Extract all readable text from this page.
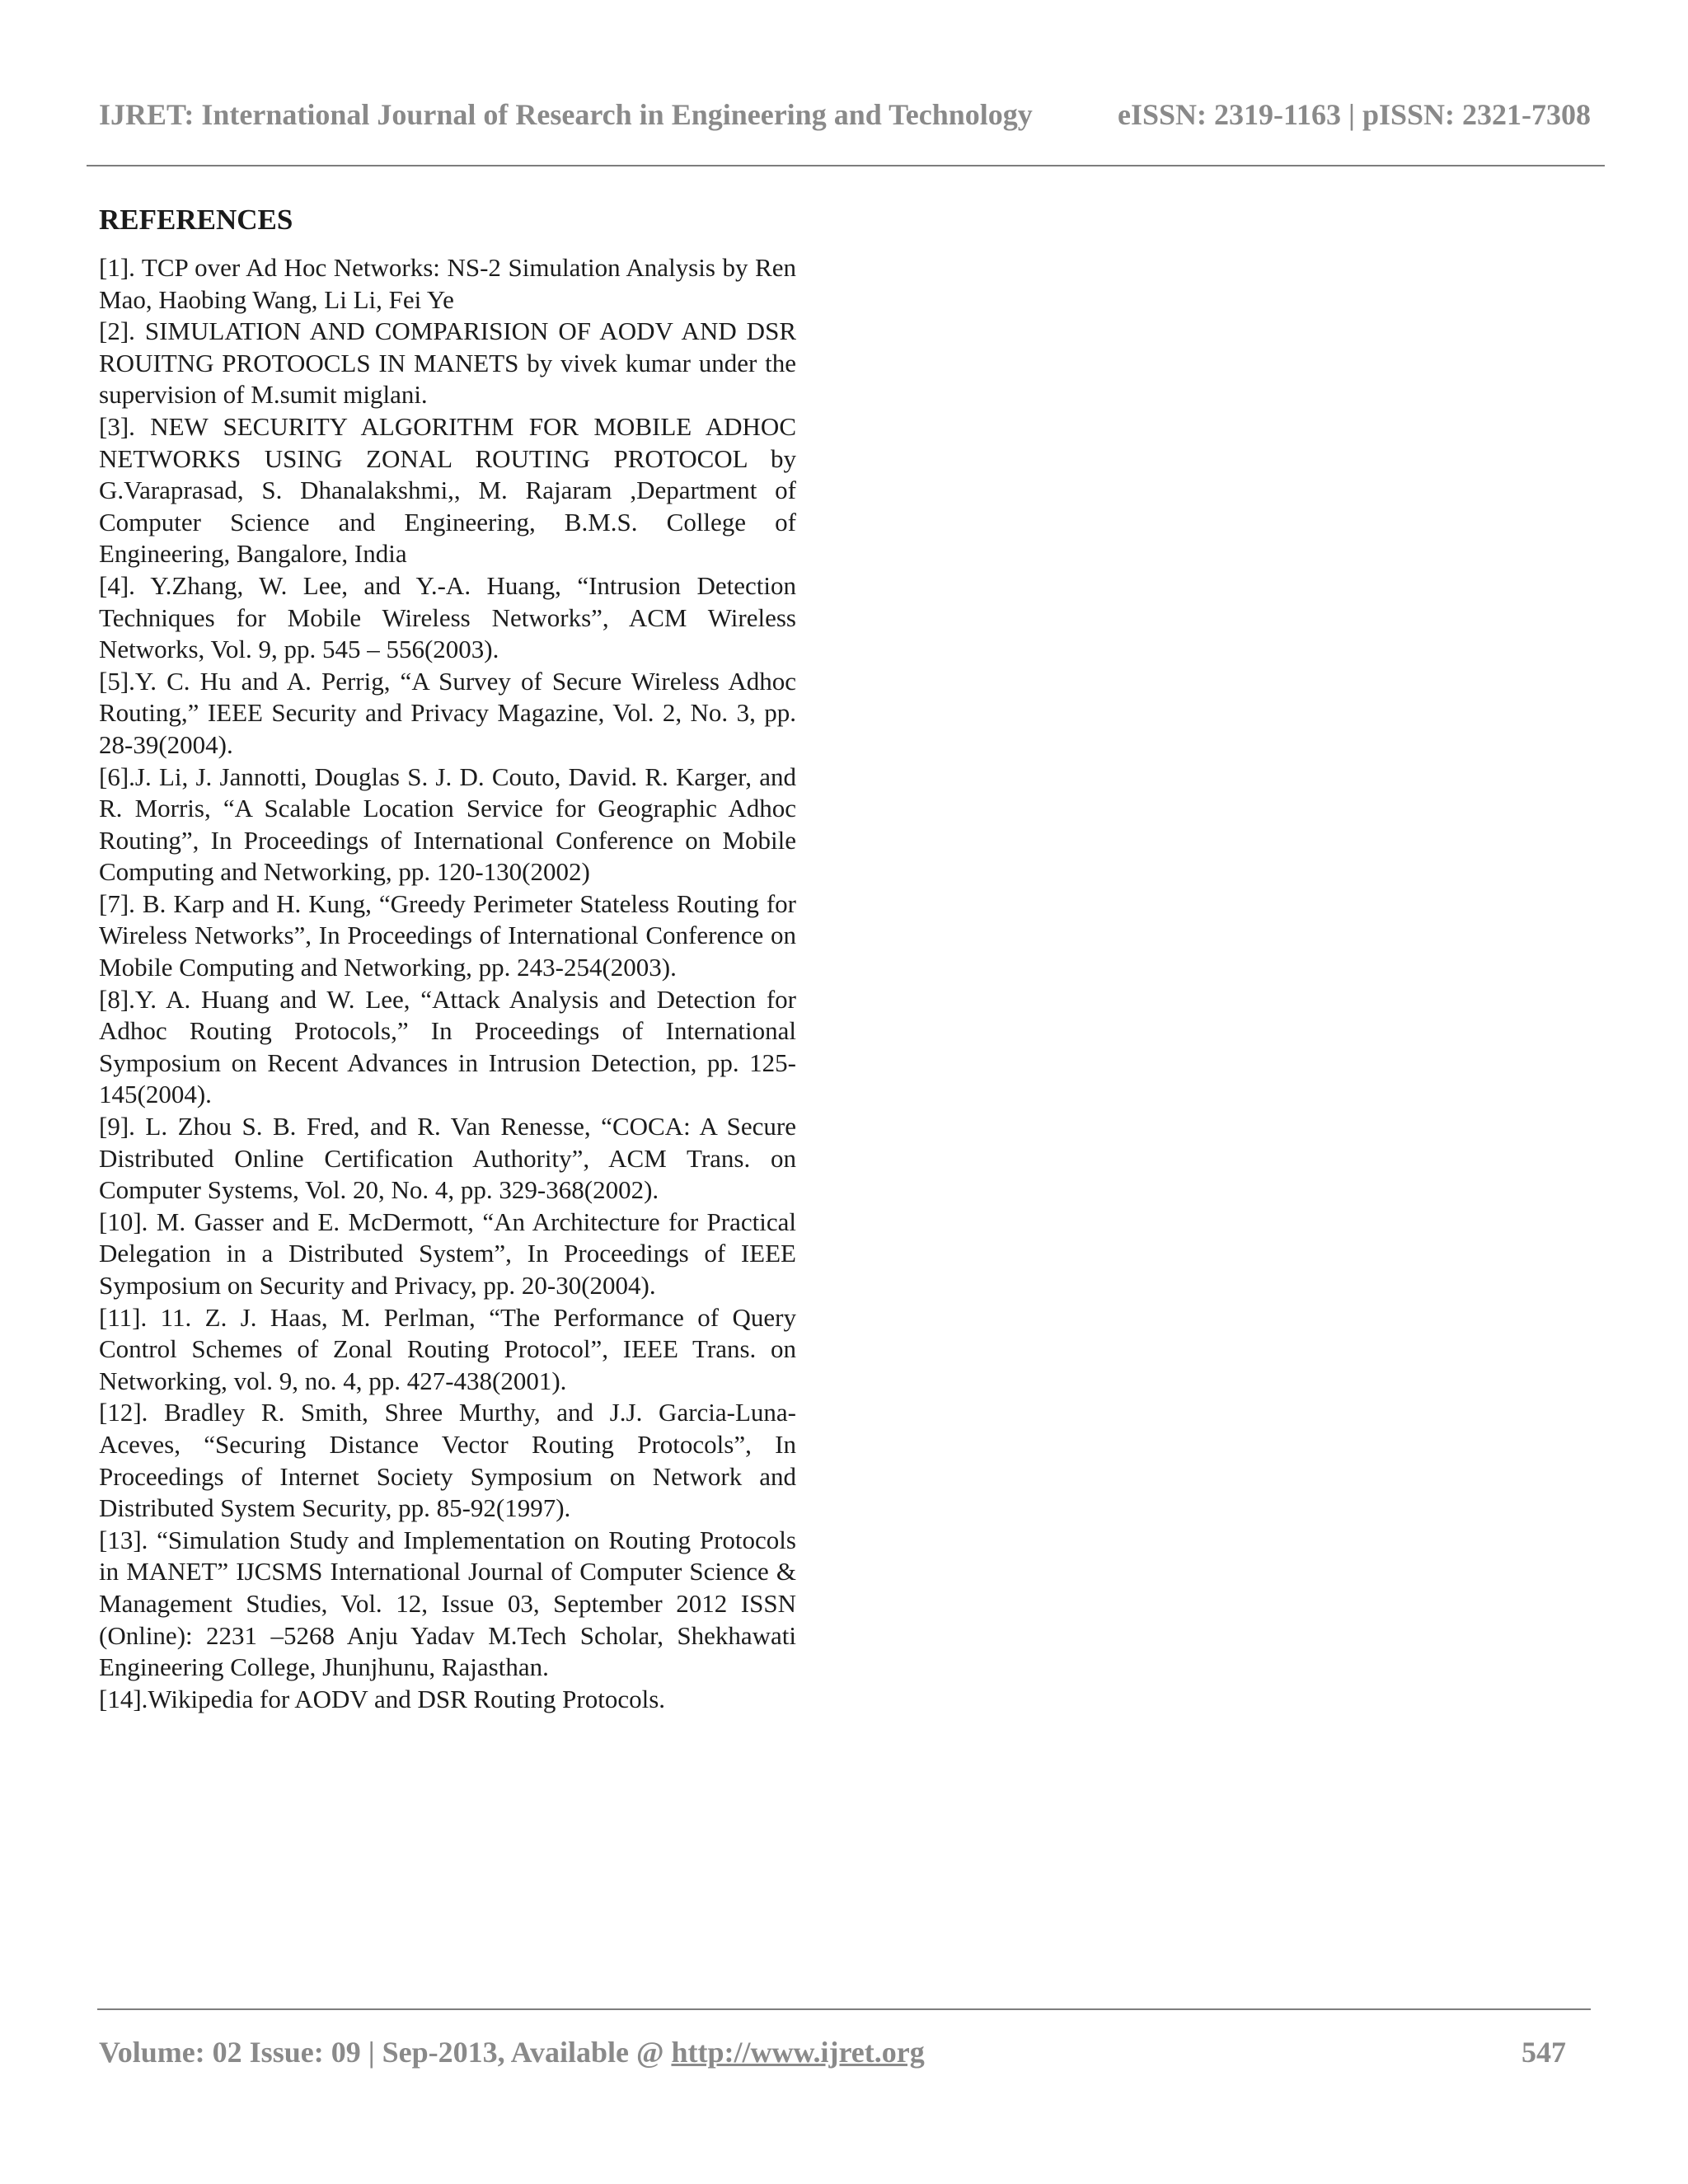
IJRET: International Journal of Research in Engineering and Technology	eISSN: 2319-1163 | pISSN: 2321-7308
REFERENCES
[1]. TCP over Ad Hoc Networks: NS-2 Simulation Analysis by Ren Mao, Haobing Wang, Li Li, Fei Ye
[2]. SIMULATION AND COMPARISION OF AODV AND DSR ROUITNG PROTOOCLS IN MANETS by vivek kumar under the supervision of M.sumit miglani.
[3]. NEW SECURITY ALGORITHM FOR MOBILE ADHOC NETWORKS USING ZONAL ROUTING PROTOCOL by G.Varaprasad, S. Dhanalakshmi,, M. Rajaram ,Department of Computer Science and Engineering, B.M.S. College of Engineering, Bangalore, India
[4]. Y.Zhang, W. Lee, and Y.-A. Huang, “Intrusion Detection Techniques for Mobile Wireless Networks”, ACM Wireless Networks, Vol. 9, pp. 545 – 556(2003).
[5].Y. C. Hu and A. Perrig, “A Survey of Secure Wireless Adhoc Routing,” IEEE Security and Privacy Magazine, Vol. 2, No. 3, pp. 28-39(2004).
[6].J. Li, J. Jannotti, Douglas S. J. D. Couto, David. R. Karger, and R. Morris, “A Scalable Location Service for Geographic Adhoc Routing”, In Proceedings of International Conference on Mobile Computing and Networking, pp. 120-130(2002)
[7]. B. Karp and H. Kung, “Greedy Perimeter Stateless Routing for Wireless Networks”, In Proceedings of International Conference on Mobile Computing and Networking, pp. 243-254(2003).
[8].Y. A. Huang and W. Lee, “Attack Analysis and Detection for Adhoc Routing Protocols,” In Proceedings of International Symposium on Recent Advances in Intrusion Detection, pp. 125-145(2004).
[9]. L. Zhou S. B. Fred, and R. Van Renesse, “COCA: A Secure Distributed Online Certification Authority”, ACM Trans. on Computer Systems, Vol. 20, No. 4, pp. 329-368(2002).
[10]. M. Gasser and E. McDermott, “An Architecture for Practical Delegation in a Distributed System”, In Proceedings of IEEE Symposium on Security and Privacy, pp. 20-30(2004).
[11]. 11. Z. J. Haas, M. Perlman, “The Performance of Query Control Schemes of Zonal Routing Protocol”, IEEE Trans. on Networking, vol. 9, no. 4, pp. 427-438(2001).
[12]. Bradley R. Smith, Shree Murthy, and J.J. Garcia-Luna-Aceves, “Securing Distance Vector Routing Protocols”, In Proceedings of Internet Society Symposium on Network and Distributed System Security, pp. 85-92(1997).
[13]. “Simulation Study and Implementation on Routing Protocols in MANET” IJCSMS International Journal of Computer Science & Management Studies, Vol. 12, Issue 03, September 2012 ISSN (Online): 2231 –5268 Anju Yadav M.Tech Scholar, Shekhawati Engineering College, Jhunjhunu, Rajasthan.
[14].Wikipedia for AODV and DSR Routing Protocols.
Volume: 02 Issue: 09 | Sep-2013, Available @ http://www.ijret.org	547
